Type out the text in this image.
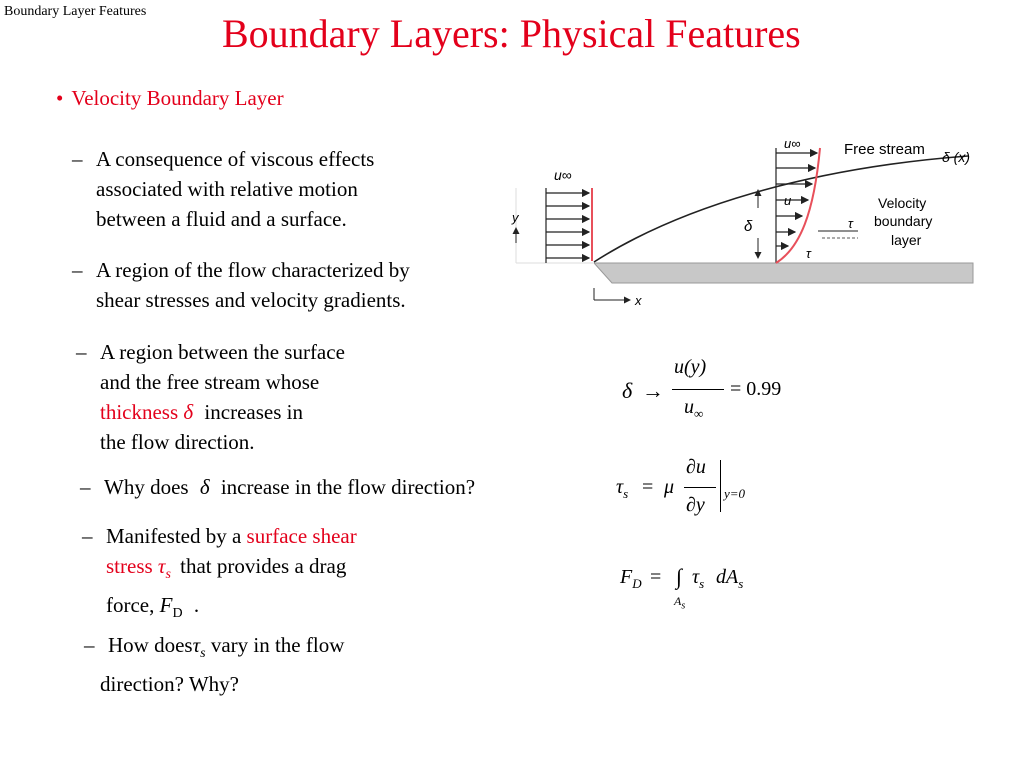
Boundary Layer Features Boundary Layers: Physical Features
• Velocity Boundary Layer
– A consequence of viscous effects
associated with relative motion
between a fluid and a surface.
– A region of the flow characterized by
shear stresses and velocity gradients.
– A region between the surface
and the free stream whose
thickness δ increases in
the flow direction.
– Why does δ increase in the flow direction?
– Manifested by a surface shear
stress $\tau_s$ that provides a drag
force, $F_D$ .
– How doesτ$_s$ vary in the flow
direction? Why?
δ →
u(y)
$u_\infty$
= 0.99
$\tau_s = \mu$
∂u
∂y
y=0
$F_D$ = ∫
$A_s$
$\tau_s$ $dA_s$
u∞
y
x
δ
u∞
u
τ
τ
Free stream δ (x)
Velocity
boundary
layer
